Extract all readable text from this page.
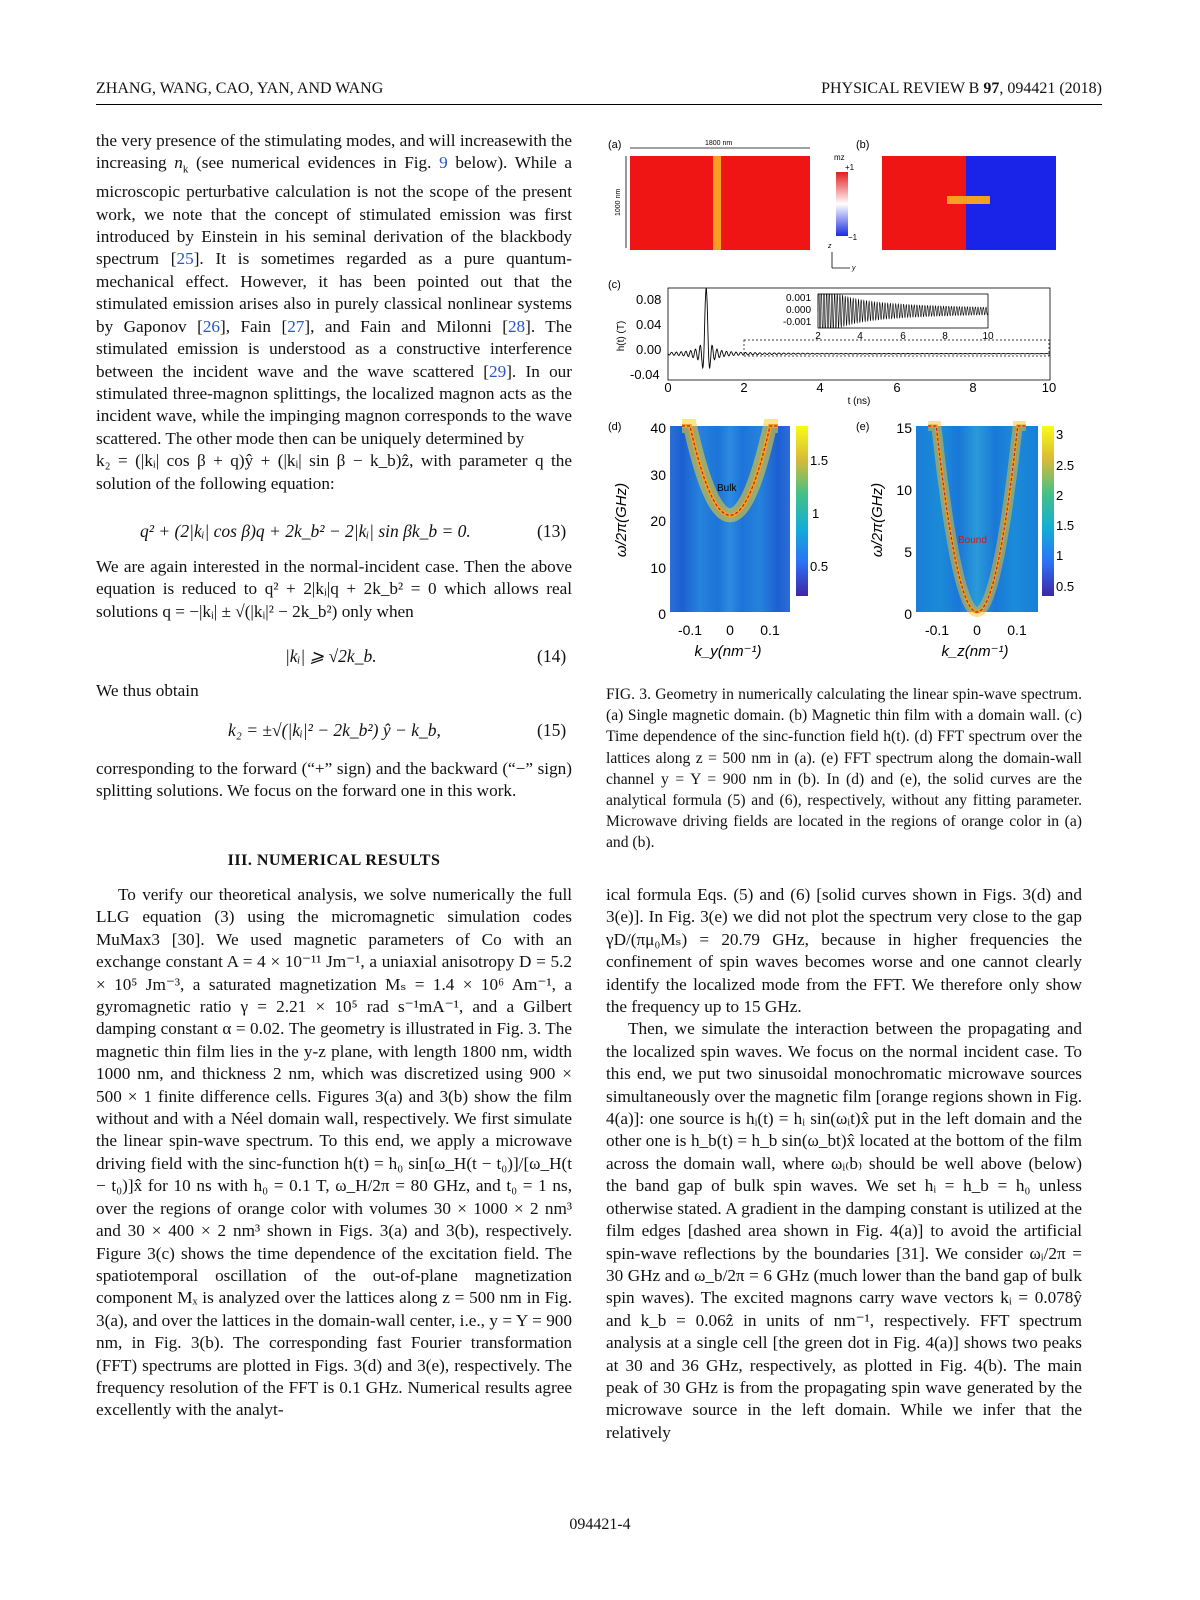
ZHANG, WANG, CAO, YAN, AND WANG	PHYSICAL REVIEW B 97, 094421 (2018)

the very presence of the stimulating modes, and will increasewith the increasing $n_k$ (see numerical evidences in Fig. 9 below). While a microscopic perturbative calculation is not the scope of the present work, we note that the concept of stimulated emission was first introduced by Einstein in his seminal derivation of the blackbody spectrum [25]. It is sometimes regarded as a pure quantum-mechanical effect. However, it has been pointed out that the stimulated emission arises also in purely classical nonlinear systems by Gaponov [26], Fain [27], and Fain and Milonni [28]. The stimulated emission is understood as a constructive interference between the incident wave and the wave scattered [29]. In our stimulated three-magnon splittings, the localized magnon acts as the incident wave, while the impinging magnon corresponds to the wave scattered. The other mode then can be uniquely determined by

k₂ = (|kᵢ| cos β + q)ŷ + (|kᵢ| sin β − k_b)ẑ, with parameter q the solution of the following equation:

q² + (2|kᵢ| cos β)q + 2k_b² − 2|kᵢ| sin βk_b = 0.	(13)

We are again interested in the normal-incident case. Then the above equation is reduced to q² + 2|kᵢ|q + 2k_b² = 0 which allows real solutions q = −|kᵢ| ± √(|kᵢ|² − 2k_b²) only when

|kᵢ| ⩾ √2k_b.	(14)

We thus obtain

k₂ = ±√(|kᵢ|² − 2k_b²) ŷ − k_b,	(15)

corresponding to the forward (“+” sign) and the backward (“−” sign) splitting solutions. We focus on the forward one in this work.

III. NUMERICAL RESULTS

To verify our theoretical analysis, we solve numerically the full LLG equation (3) using the micromagnetic simulation codes MuMax3 [30]. We used magnetic parameters of Co with an exchange constant A = 4 × 10⁻¹¹ Jm⁻¹, a uniaxial anisotropy D = 5.2 × 10⁵ Jm⁻³, a saturated magnetization Mₛ = 1.4 × 10⁶ Am⁻¹, a gyromagnetic ratio γ = 2.21 × 10⁵ rad s⁻¹mA⁻¹, and a Gilbert damping constant α = 0.02. The geometry is illustrated in Fig. 3. The magnetic thin film lies in the y-z plane, with length 1800 nm, width 1000 nm, and thickness 2 nm, which was discretized using 900 × 500 × 1 finite difference cells. Figures 3(a) and 3(b) show the film without and with a Néel domain wall, respectively. We first simulate the linear spin-wave spectrum. To this end, we apply a microwave driving field with the sinc-function h(t) = h₀ sin[ω_H(t − t₀)]/[ω_H(t − t₀)]x̂ for 10 ns with h₀ = 0.1 T, ω_H/2π = 80 GHz, and t₀ = 1 ns, over the regions of orange color with volumes 30 × 1000 × 2 nm³ and 30 × 400 × 2 nm³ shown in Figs. 3(a) and 3(b), respectively. Figure 3(c) shows the time dependence of the excitation field. The spatiotemporal oscillation of the out-of-plane magnetization component Mₓ is analyzed over the lattices along z = 500 nm in Fig. 3(a), and over the lattices in the domain-wall center, i.e., y = Y = 900 nm, in Fig. 3(b). The corresponding fast Fourier transformation (FFT) spectrums are plotted in Figs. 3(d) and 3(e), respectively. The frequency resolution of the FFT is 0.1 GHz. Numerical results agree excellently with the analyt-

(a)	1800 nm
1000 nm
mz
+1
−1
z
y
(b)
(c)
h(t) (T)
0.08
0.04
0.00
-0.04
0	2	4	6	8	10
t (ns)
0.001
0.000
-0.001
2	4	6	8	10
(d)
Bulk
1.5
1
0.5
40
30
20
10
0
-0.1 0 0.1
k_y(nm⁻¹)
ω/2π(GHz)
(e)
Bound
3
2.5
2
1.5
1
0.5
15
10
5
0
-0.1 0 0.1
k_z(nm⁻¹)
ω/2π(GHz)
FIG. 3. Geometry in numerically calculating the linear spin-wave spectrum. (a) Single magnetic domain. (b) Magnetic thin film with a domain wall. (c) Time dependence of the sinc-function field h(t). (d) FFT spectrum over the lattices along z = 500 nm in (a). (e) FFT spectrum along the domain-wall channel y = Y = 900 nm in (b). In (d) and (e), the solid curves are the analytical formula (5) and (6), respectively, without any fitting parameter. Microwave driving fields are located in the regions of orange color in (a) and (b).

ical formula Eqs. (5) and (6) [solid curves shown in Figs. 3(d) and 3(e)]. In Fig. 3(e) we did not plot the spectrum very close to the gap γD/(πμ₀Mₛ) = 20.79 GHz, because in higher frequencies the confinement of spin waves becomes worse and one cannot clearly identify the localized mode from the FFT. We therefore only show the frequency up to 15 GHz.

Then, we simulate the interaction between the propagating and the localized spin waves. We focus on the normal incident case. To this end, we put two sinusoidal monochromatic microwave sources simultaneously over the magnetic film [orange regions shown in Fig. 4(a)]: one source is hᵢ(t) = hᵢ sin(ωᵢt)x̂ put in the left domain and the other one is h_b(t) = h_b sin(ω_bt)x̂ located at the bottom of the film across the domain wall, where ωᵢ₍b₎ should be well above (below) the band gap of bulk spin waves. We set hᵢ = h_b = h₀ unless otherwise stated. A gradient in the damping constant is utilized at the film edges [dashed area shown in Fig. 4(a)] to avoid the artificial spin-wave reflections by the boundaries [31]. We consider ωᵢ/2π = 30 GHz and ω_b/2π = 6 GHz (much lower than the band gap of bulk spin waves). The excited magnons carry wave vectors kᵢ = 0.078ŷ and k_b = 0.06ẑ in units of nm⁻¹, respectively. FFT spectrum analysis at a single cell [the green dot in Fig. 4(a)] shows two peaks at 30 and 36 GHz, respectively, as plotted in Fig. 4(b). The main peak of 30 GHz is from the propagating spin wave generated by the microwave source in the left domain. While we infer that the relatively

094421-4
